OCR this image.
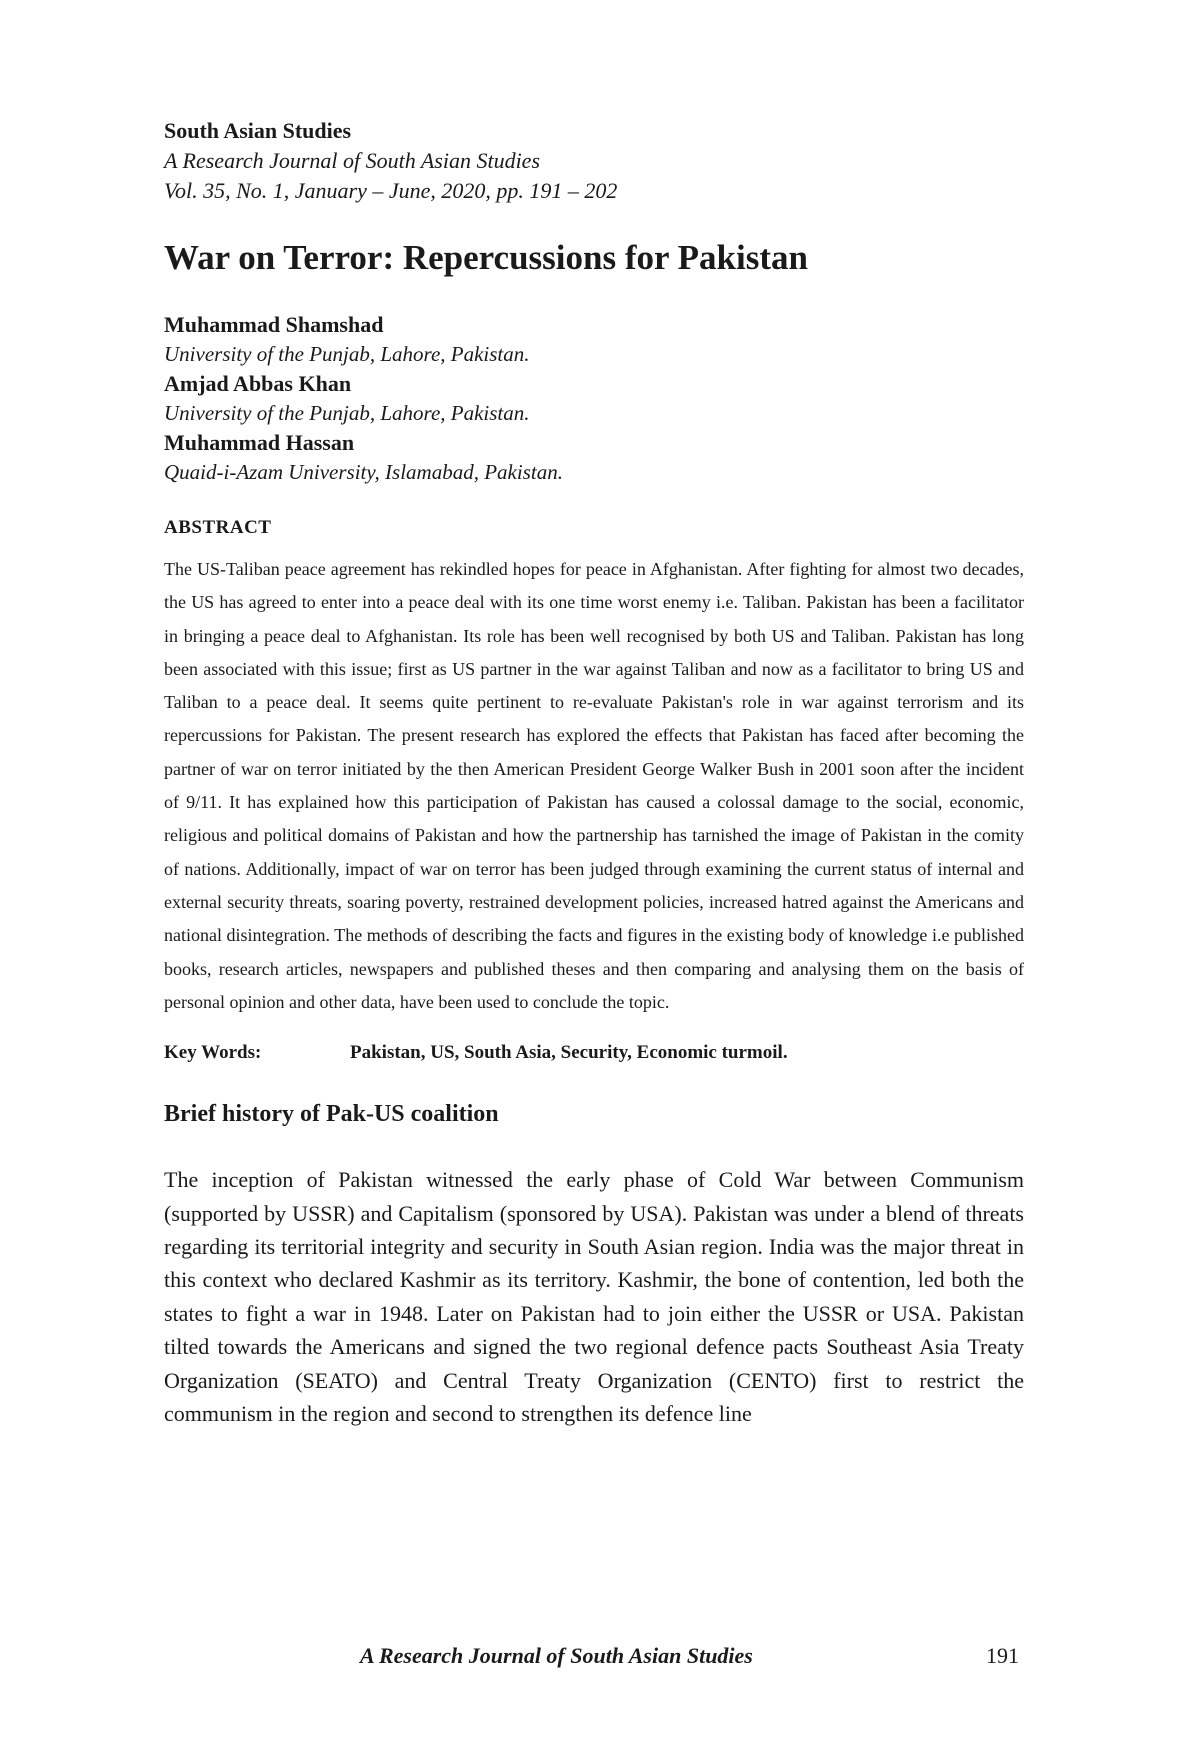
South Asian Studies
A Research Journal of South Asian Studies
Vol. 35, No. 1, January – June, 2020, pp. 191 – 202
War on Terror: Repercussions for Pakistan
Muhammad Shamshad
University of the Punjab, Lahore, Pakistan.
Amjad Abbas Khan
University of the Punjab, Lahore, Pakistan.
Muhammad Hassan
Quaid-i-Azam University, Islamabad, Pakistan.
ABSTRACT
The US-Taliban peace agreement has rekindled hopes for peace in Afghanistan. After fighting for almost two decades, the US has agreed to enter into a peace deal with its one time worst enemy i.e. Taliban. Pakistan has been a facilitator in bringing a peace deal to Afghanistan. Its role has been well recognised by both US and Taliban. Pakistan has long been associated with this issue; first as US partner in the war against Taliban and now as a facilitator to bring US and Taliban to a peace deal. It seems quite pertinent to re-evaluate Pakistan's role in war against terrorism and its repercussions for Pakistan. The present research has explored the effects that Pakistan has faced after becoming the partner of war on terror initiated by the then American President George Walker Bush in 2001 soon after the incident of 9/11. It has explained how this participation of Pakistan has caused a colossal damage to the social, economic, religious and political domains of Pakistan and how the partnership has tarnished the image of Pakistan in the comity of nations. Additionally, impact of war on terror has been judged through examining the current status of internal and external security threats, soaring poverty, restrained development policies, increased hatred against the Americans and national disintegration. The methods of describing the facts and figures in the existing body of knowledge i.e published books, research articles, newspapers and published theses and then comparing and analysing them on the basis of personal opinion and other data, have been used to conclude the topic.
Key Words:	Pakistan, US, South Asia, Security, Economic turmoil.
Brief history of Pak-US coalition
The inception of Pakistan witnessed the early phase of Cold War between Communism (supported by USSR) and Capitalism (sponsored by USA). Pakistan was under a blend of threats regarding its territorial integrity and security in South Asian region. India was the major threat in this context who declared Kashmir as its territory. Kashmir, the bone of contention, led both the states to fight a war in 1948. Later on Pakistan had to join either the USSR or USA. Pakistan tilted towards the Americans and signed the two regional defence pacts Southeast Asia Treaty Organization (SEATO) and Central Treaty Organization (CENTO) first to restrict the communism in the region and second to strengthen its defence line
A Research Journal of South Asian Studies	191
